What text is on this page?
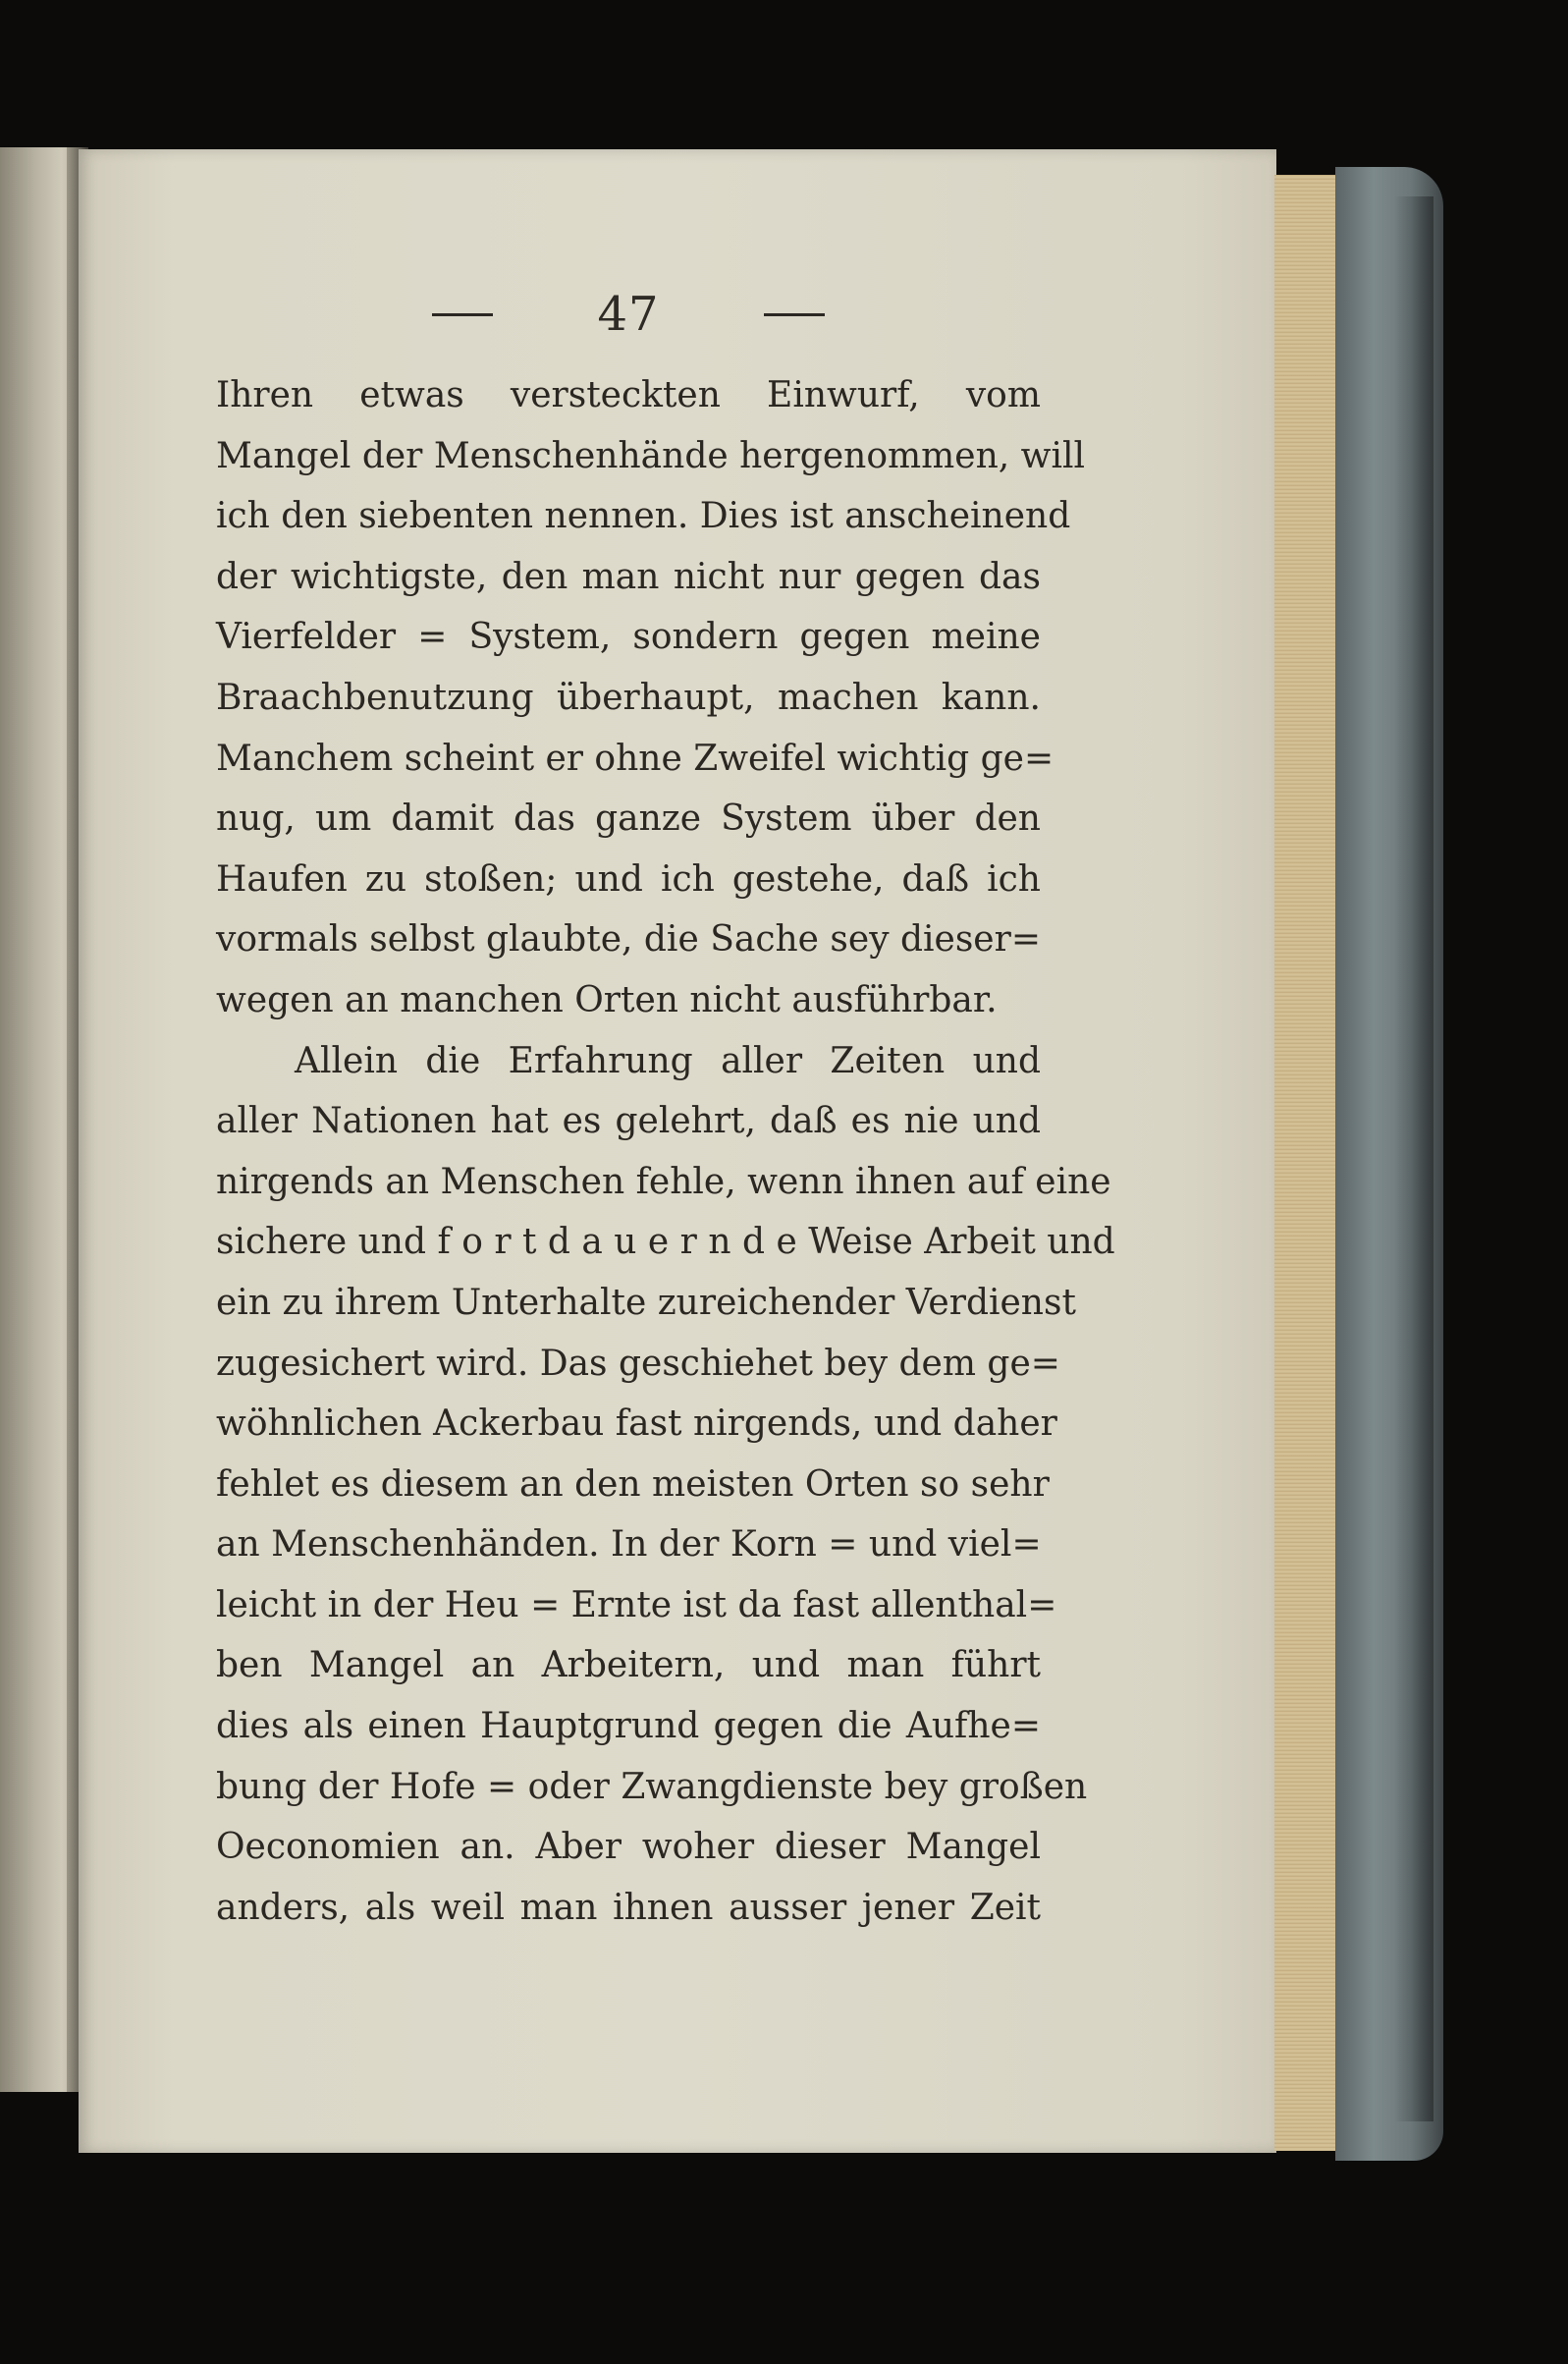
47
Ihren etwas versteckten Einwurf, vom
Mangel der Menschenhände hergenommen, will
ich den siebenten nennen. Dies ist anscheinend
der wichtigste, den man nicht nur gegen das
Vierfelder = System, sondern gegen meine
Braachbenutzung überhaupt, machen kann.
Manchem scheint er ohne Zweifel wichtig ge=
nug, um damit das ganze System über den
Haufen zu stoßen; und ich gestehe, daß ich
vormals selbst glaubte, die Sache sey dieser=
wegen an manchen Orten nicht ausführbar.
Allein die Erfahrung aller Zeiten und
aller Nationen hat es gelehrt, daß es nie und
nirgends an Menschen fehle, wenn ihnen auf eine
sichere und f o r t d a u e r n d e Weise Arbeit und
ein zu ihrem Unterhalte zureichender Verdienst
zugesichert wird. Das geschiehet bey dem ge=
wöhnlichen Ackerbau fast nirgends, und daher
fehlet es diesem an den meisten Orten so sehr
an Menschenhänden. In der Korn = und viel=
leicht in der Heu = Ernte ist da fast allenthal=
ben Mangel an Arbeitern, und man führt
dies als einen Hauptgrund gegen die Aufhe=
bung der Hofe = oder Zwangdienste bey großen
Oeconomien an. Aber woher dieser Mangel
anders, als weil man ihnen ausser jener Zeit
